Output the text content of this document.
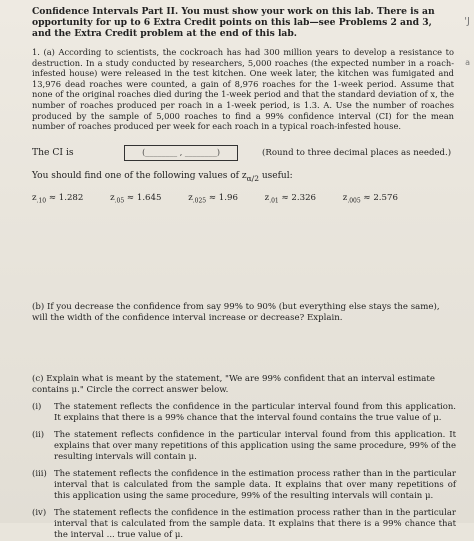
'J
a
Confidence Intervals Part II. You must show your work on this lab. There is an opportunity for up to 6 Extra Credit points on this lab—see Problems 2 and 3, and the Extra Credit problem at the end of this lab.
1. (a) According to scientists, the cockroach has had 300 million years to develop a resistance to destruction. In a study conducted by researchers, 5,000 roaches (the expected number in a roach-infested house) were released in the test kitchen. One week later, the kitchen was fumigated and 13,976 dead roaches were counted, a gain of 8,976 roaches for the 1-week period. Assume that none of the original roaches died during the 1-week period and that the standard deviation of x, the number of roaches produced per roach in a 1-week period, is 1.3. A. Use the number of roaches produced by the sample of 5,000 roaches to find a 99% confidence interval (CI) for the mean number of roaches produced per week for each roach in a typical roach-infested house.
The CI is	(________ , ________)	(Round to three decimal places as needed.)
You should find one of the following values of $z_{\alpha/2}$ useful:
$z_{.10} \approx 1.282$	$z_{.05} \approx 1.645$	$z_{.025} \approx 1.96$	$z_{.01} \approx 2.326$	$z_{.005} \approx 2.576$
(b) If you decrease the confidence from say 99% to 90% (but everything else stays the same), will the width of the confidence interval increase or decrease? Explain.
(c) Explain what is meant by the statement, "We are 99% confident that an interval estimate contains μ." Circle the correct answer below.
(i)	The statement reflects the confidence in the particular interval found from this application. It explains that there is a 99% chance that the interval found contains the true value of μ.
(ii)	The statement reflects confidence in the particular interval found from this application. It explains that over many repetitions of this application using the same procedure, 99% of the resulting intervals will contain μ.
(iii) The statement reflects the confidence in the estimation process rather than in the particular interval that is calculated from the sample data. It explains that over many repetitions of this application using the same procedure, 99% of the resulting intervals will contain μ.
(iv) The statement reflects the confidence in the estimation process rather than in the particular interval that is calculated from the sample data. It explains that there is a 99% chance that the interval ... true value of μ.
